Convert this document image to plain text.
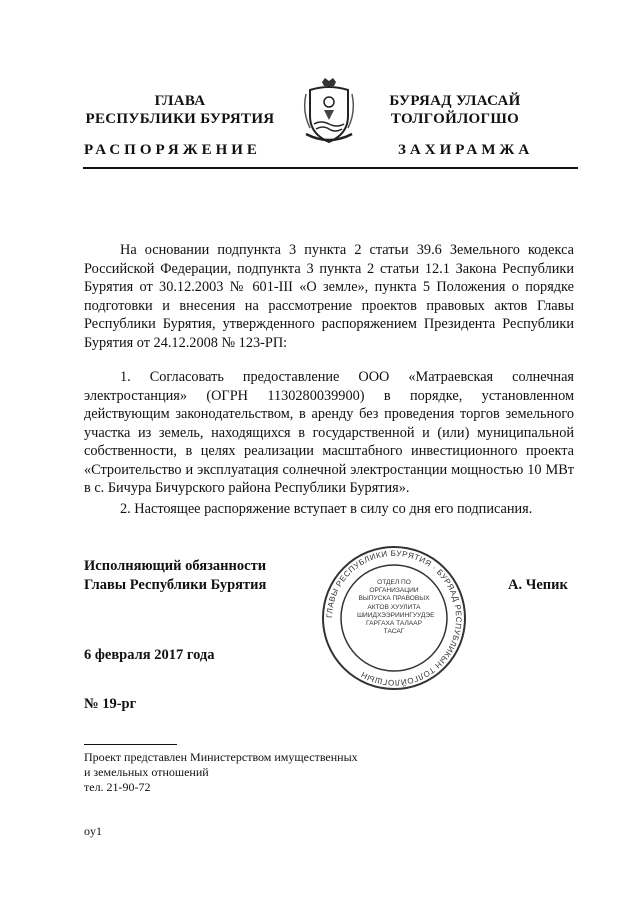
ГЛАВА
РЕСПУБЛИКИ БУРЯТИЯ
РАСПОРЯЖЕНИЕ
БУРЯАД УЛАСАЙ
ТОЛГОЙЛОГШО
ЗАХИРАМЖА
На основании подпункта 3 пункта 2 статьи 39.6 Земельного кодекса Российской Федерации, подпункта 3 пункта 2 статьи 12.1 Закона Республики Бурятия от 30.12.2003 № 601-III «О земле», пункта 5 Положения о порядке подготовки и внесения на рассмотрение проектов правовых актов Главы Республики Бурятия, утвержденного распоряжением Президента Республики Бурятия от 24.12.2008 № 123-РП:
1. Согласовать предоставление ООО «Матраевская солнечная электростанция» (ОГРН 1130280039900) в порядке, установленном действующим законодательством, в аренду без проведения торгов земельного участка из земель, находящихся в государственной и (или) муниципальной собственности, в целях реализации масштабного инвестиционного проекта «Строительство и эксплуатация солнечной электростанции мощностью 10 МВт в с. Бичура Бичурского района Республики Бурятия».
2. Настоящее распоряжение вступает в силу со дня его подписания.
Исполняющий обязанности
Главы Республики Бурятия	А. Чепик
ГЛАВЫ РЕСПУБЛИКИ БУРЯТИЯ · БУРЯАД РЕСПУБЛИКЫН ТОЛГОЙЛОГШЫН
ОТДЕЛ ПО ОРГАНИЗАЦИИ ВЫПУСКА ПРАВОВЫХ АКТОВ ХУУЛИТА ШИИДХЭЭРИИНГУУДЭЕ ГАРГАХА ТАЛААР ТАСАГ
6 февраля 2017 года
№ 19-рг
Проект представлен Министерством имущественных
и земельных отношений
тел. 21-90-72
oy1
